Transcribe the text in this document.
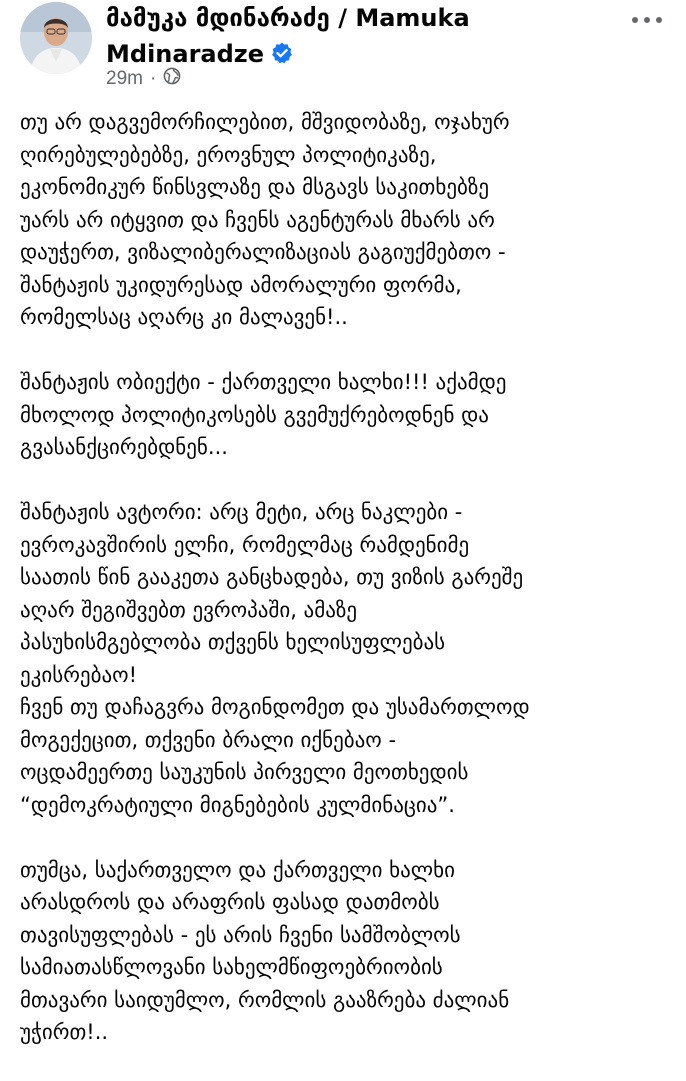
მამუკა მდინარაძე / Mamuka
Mdinaradze
29m ·

თუ არ დაგვემორჩილებით, მშვიდობაზე, ოჯახურ
ღირებულებებზე, ეროვნულ პოლიტიკაზე,
ეკონომიკურ წინსვლაზე და მსგავს საკითხებზე
უარს არ იტყვით და ჩვენს აგენტურას მხარს არ
დაუჭერთ, ვიზალიბერალიზაციას გაგიუქმებთო -
შანტაჟის უკიდურესად ამორალური ფორმა,
რომელსაც აღარც კი მალავენ!..

შანტაჟის ობიექტი - ქართველი ხალხი!!! აქამდე
მხოლოდ პოლიტიკოსებს გვემუქრებოდნენ და
გვასანქცირებდნენ...

შანტაჟის ავტორი: არც მეტი, არც ნაკლები -
ევროკავშირის ელჩი, რომელმაც რამდენიმე
საათის წინ გააკეთა განცხადება, თუ ვიზის გარეშე
აღარ შეგიშვებთ ევროპაში, ამაზე
პასუხისმგებლობა თქვენს ხელისუფლებას
ეკისრებაო!
ჩვენ თუ დაჩაგვრა მოგინდომეთ და უსამართლოდ
მოგექეცით, თქვენი ბრალი იქნებაო -
ოცდამეერთე საუკუნის პირველი მეოთხედის
“დემოკრატიული მიგნებების კულმინაცია”.

თუმცა, საქართველო და ქართველი ხალხი
არასდროს და არაფრის ფასად დათმობს
თავისუფლებას - ეს არის ჩვენი სამშობლოს
სამიათასწლოვანი სახელმწიფოებრიობის
მთავარი საიდუმლო, რომლის გააზრება ძალიან
უჭირთ!..
